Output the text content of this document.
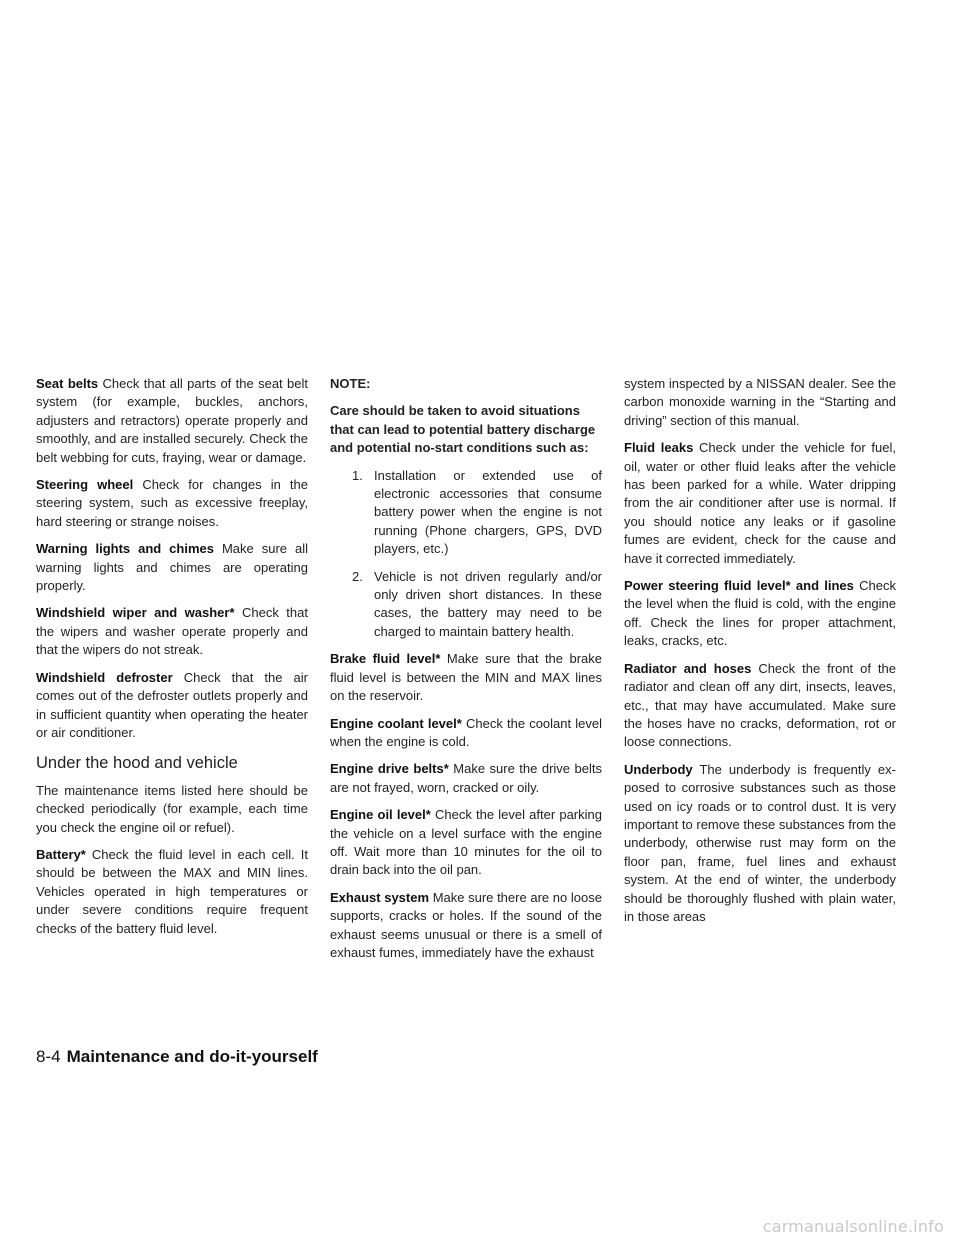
Seat belts Check that all parts of the seat belt system (for example, buckles, anchors, adjusters and retractors) operate properly and smoothly, and are installed securely. Check the belt webbing for cuts, fraying, wear or damage.

Steering wheel Check for changes in the steering system, such as excessive freeplay, hard steering or strange noises.

Warning lights and chimes Make sure all warning lights and chimes are operating properly.

Windshield wiper and washer* Check that the wipers and washer operate properly and that the wipers do not streak.

Windshield defroster Check that the air comes out of the defroster outlets properly and in sufficient quantity when operating the heater or air conditioner.

Under the hood and vehicle

The maintenance items listed here should be checked periodically (for example, each time you check the engine oil or refuel).

Battery* Check the fluid level in each cell. It should be between the MAX and MIN lines. Vehicles operated in high temperatures or under severe conditions require frequent checks of the battery fluid level.

NOTE:

Care should be taken to avoid situations that can lead to potential battery discharge and potential no-start conditions such as:

1. Installation or extended use of electronic accessories that consume battery power when the engine is not running (Phone chargers, GPS, DVD players, etc.)
2. Vehicle is not driven regularly and/or only driven short distances. In these cases, the battery may need to be charged to maintain battery health.

Brake fluid level* Make sure that the brake fluid level is between the MIN and MAX lines on the reservoir.

Engine coolant level* Check the coolant level when the engine is cold.

Engine drive belts* Make sure the drive belts are not frayed, worn, cracked or oily.

Engine oil level* Check the level after parking the vehicle on a level surface with the engine off. Wait more than 10 minutes for the oil to drain back into the oil pan.

Exhaust system Make sure there are no loose supports, cracks or holes. If the sound of the exhaust seems unusual or there is a smell of exhaust fumes, immediately have the exhaust

system inspected by a NISSAN dealer. See the carbon monoxide warning in the “Starting and driving” section of this manual.

Fluid leaks Check under the vehicle for fuel, oil, water or other fluid leaks after the vehicle has been parked for a while. Water dripping from the air conditioner after use is normal. If you should notice any leaks or if gasoline fumes are evident, check for the cause and have it corrected immediately.

Power steering fluid level* and lines Check the level when the fluid is cold, with the engine off. Check the lines for proper attachment, leaks, cracks, etc.

Radiator and hoses Check the front of the radiator and clean off any dirt, insects, leaves, etc., that may have accumulated. Make sure the hoses have no cracks, deformation, rot or loose connections.

Underbody The underbody is frequently exposed to corrosive substances such as those used on icy roads or to control dust. It is very important to remove these substances from the underbody, otherwise rust may form on the floor pan, frame, fuel lines and exhaust system. At the end of winter, the underbody should be thoroughly flushed with plain water, in those areas

8-4 Maintenance and do-it-yourself
carmanualsonline.info
